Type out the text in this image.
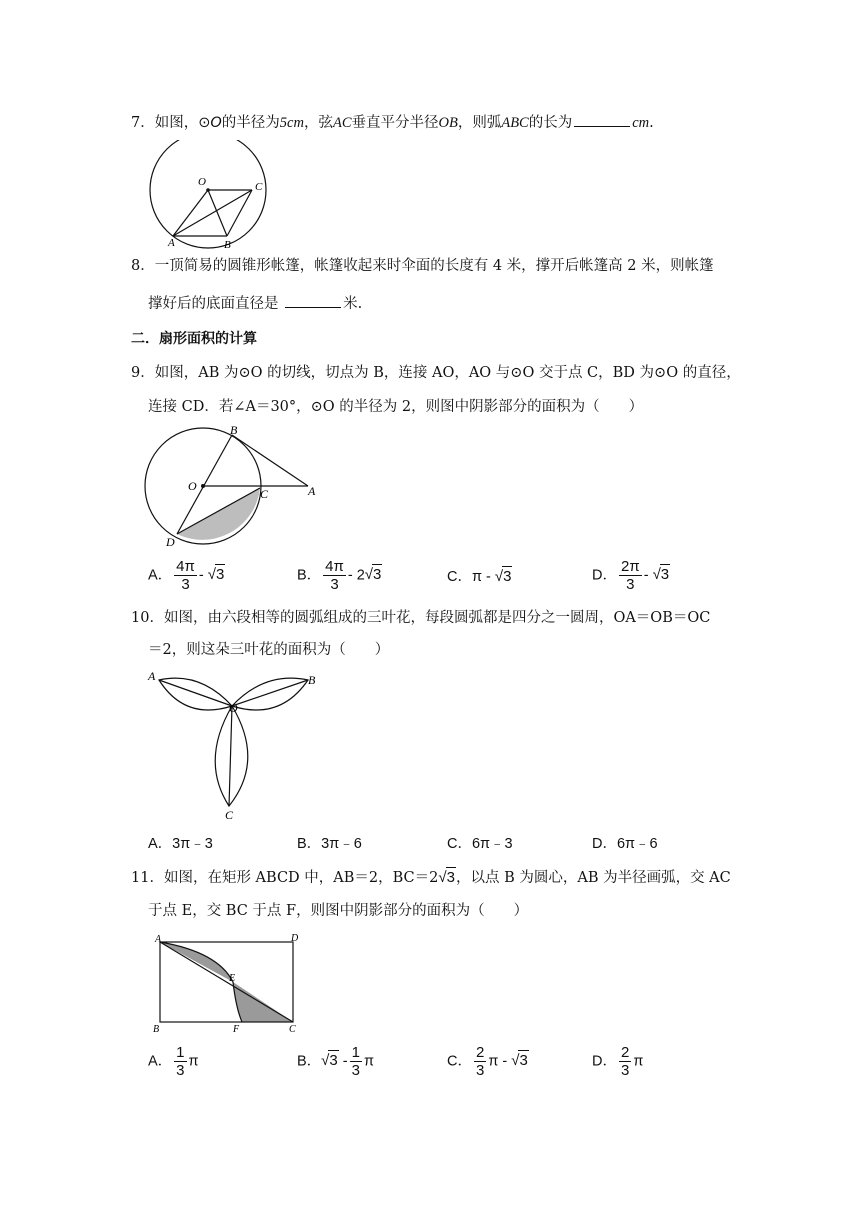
7．如图，⊙O的半径为5cm，弦AC垂直平分半径OB，则弧ABC的长为	cm.
O	C
A	B
8．一顶简易的圆锥形帐篷，帐篷收起来时伞面的长度有 4 米，撑开后帐篷高 2 米，则帐篷
撑好后的底面直径是	米.
二．扇形面积的计算
9．如图，AB 为⊙O 的切线，切点为 B，连接 AO，AO 与⊙O 交于点 C，BD 为⊙O 的直径，
连接 CD．若∠A＝30°，⊙O 的半径为 2，则图中阴影部分的面积为（　　）
B
O
C	A
D
A． $\frac{4\pi}{3} - √3$	B． $\frac{4\pi}{3} - 2√3$	C．π - √3	D． $\frac{2\pi}{3} - √3$
10．如图，由六段相等的圆弧组成的三叶花，每段圆弧都是四分之一圆周，OA＝OB＝OC
＝2，则这朵三叶花的面积为（　　）
A	B
O
C
A．3π﹣3	B．3π﹣6	C．6π﹣3	D．6π﹣6
11．如图，在矩形 ABCD 中，AB＝2，BC＝2√3，以点 B 为圆心，AB 为半径画弧，交 AC
于点 E，交 BC 于点 F，则图中阴影部分的面积为（　　）
A	D
E
B	F	C
A． $\frac{1}{3}$ π	B．$√3 - \frac{1}{3}$ π	C． $\frac{2}{3}$ π - √3	D． $\frac{2}{3}$ π
